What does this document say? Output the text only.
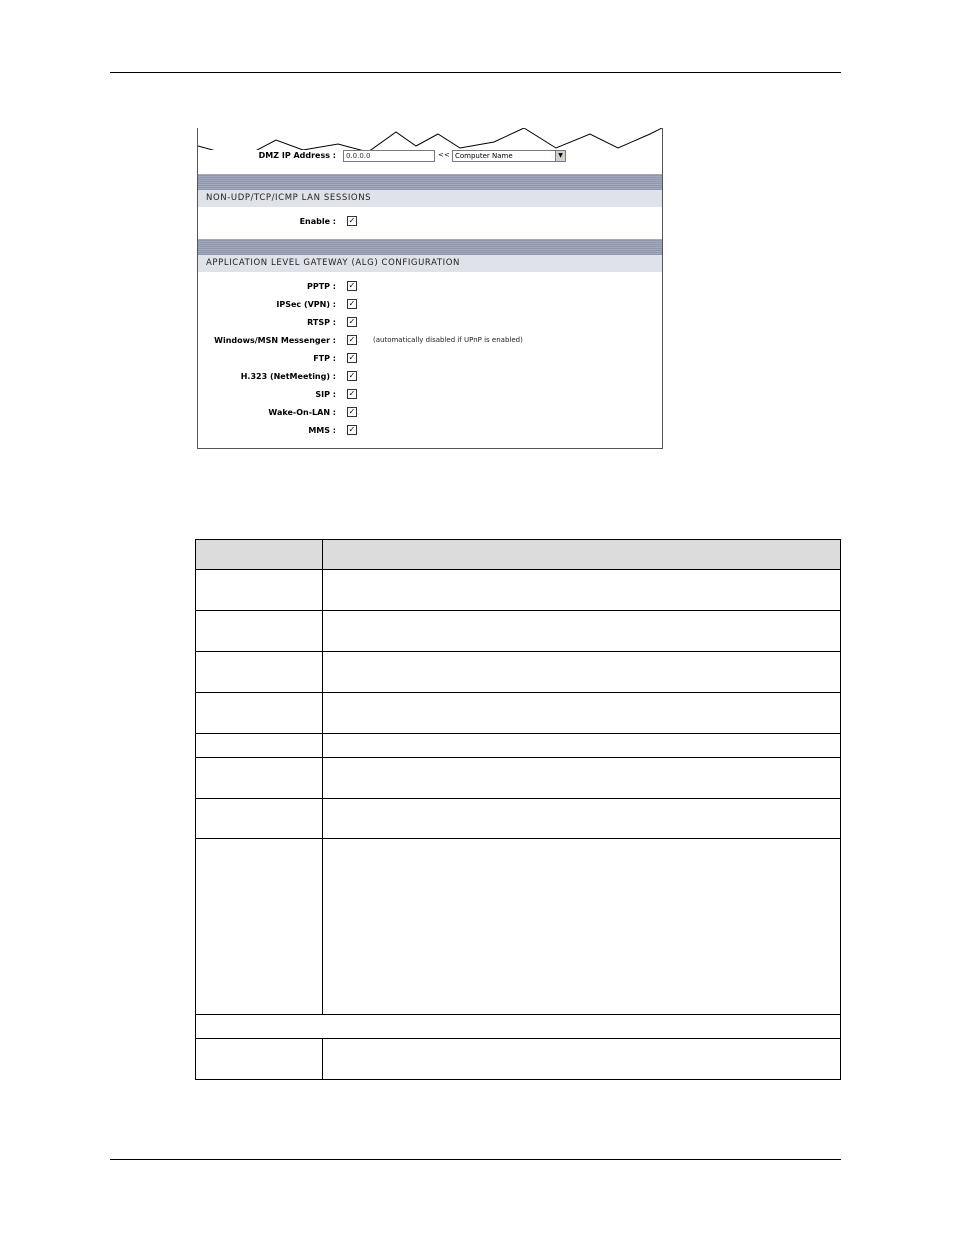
DMZ IP Address :	0.0.0.0	<< Computer Name	▼
NON-UDP/TCP/ICMP LAN SESSIONS
Enable : ✓
APPLICATION LEVEL GATEWAY (ALG) CONFIGURATION
PPTP : ✓
IPSec (VPN) : ✓
RTSP : ✓
Windows/MSN Messenger : ✓	(automatically disabled if UPnP is enabled)
FTP : ✓
H.323 (NetMeeting) : ✓
SIP : ✓
Wake-On-LAN : ✓
MMS : ✓
